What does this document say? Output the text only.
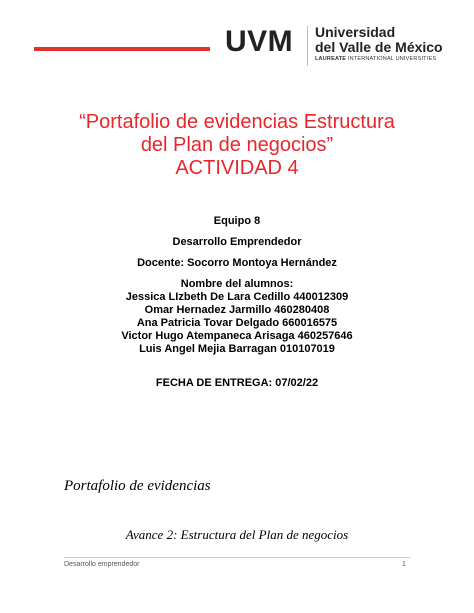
UVM Universidad
del Valle de México
LAUREATE INTERNATIONAL UNIVERSITIES
“Portafolio de evidencias Estructura
del Plan de negocios”
ACTIVIDAD 4
Equipo 8
Desarrollo Emprendedor
Docente: Socorro Montoya Hernández
Nombre del alumnos:
Jessica LIzbeth De Lara Cedillo 440012309
Omar Hernadez Jarmillo 460280408
Ana Patricia Tovar Delgado 660016575
Victor Hugo Atempaneca Arisaga 460257646
Luis Angel Mejia Barragan 010107019
FECHA DE ENTREGA: 07/02/22
Portafolio de evidencias
Avance 2: Estructura del Plan de negocios
Desarrollo emprendedor	1
